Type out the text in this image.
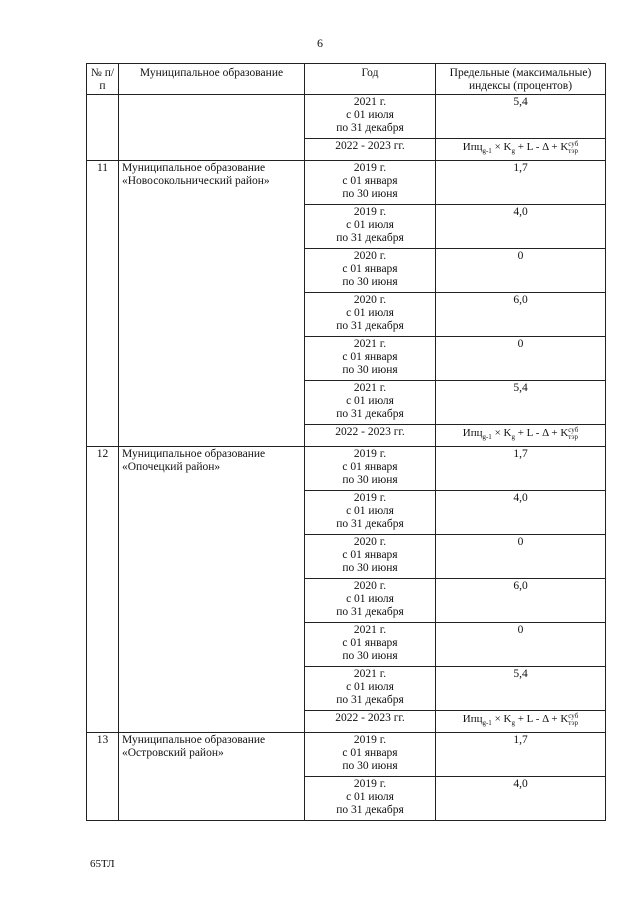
6
№ п/п	Муниципальное образование	Год	Предельные (максимальные) индексы (процентов)
		2021 г.
с 01 июля
по 31 декабря	5,4
		2022 - 2023 гг.	$Ипц_{g-1} \times K_g + L - \Delta$ + Kсуб
тэр
11	Муниципальное образование «Новосокольнический район»	2019 г.
с 01 января
по 30 июня	1,7
		2019 г.
с 01 июля
по 31 декабря	4,0
		2020 г.
с 01 января
по 30 июня	0
		2020 г.
с 01 июля
по 31 декабря	6,0
		2021 г.
с 01 января
по 30 июня	0
		2021 г.
с 01 июля
по 31 декабря	5,4
		2022 - 2023 гг.	$Ипц_{g-1} \times K_g + L - \Delta$ + Kсуб
тэр
12	Муниципальное образование «Опочецкий район»	2019 г.
с 01 января
по 30 июня	1,7
		2019 г.
с 01 июля
по 31 декабря	4,0
		2020 г.
с 01 января
по 30 июня	0
		2020 г.
с 01 июля
по 31 декабря	6,0
		2021 г.
с 01 января
по 30 июня	0
		2021 г.
с 01 июля
по 31 декабря	5,4
		2022 - 2023 гг.	$Ипц_{g-1} \times K_g + L - \Delta$ + Kсуб
тэр
13	Муниципальное образование «Островский район»	2019 г.
с 01 января
по 30 июня	1,7
		2019 г.
с 01 июля
по 31 декабря	4,0
65ТЛ
